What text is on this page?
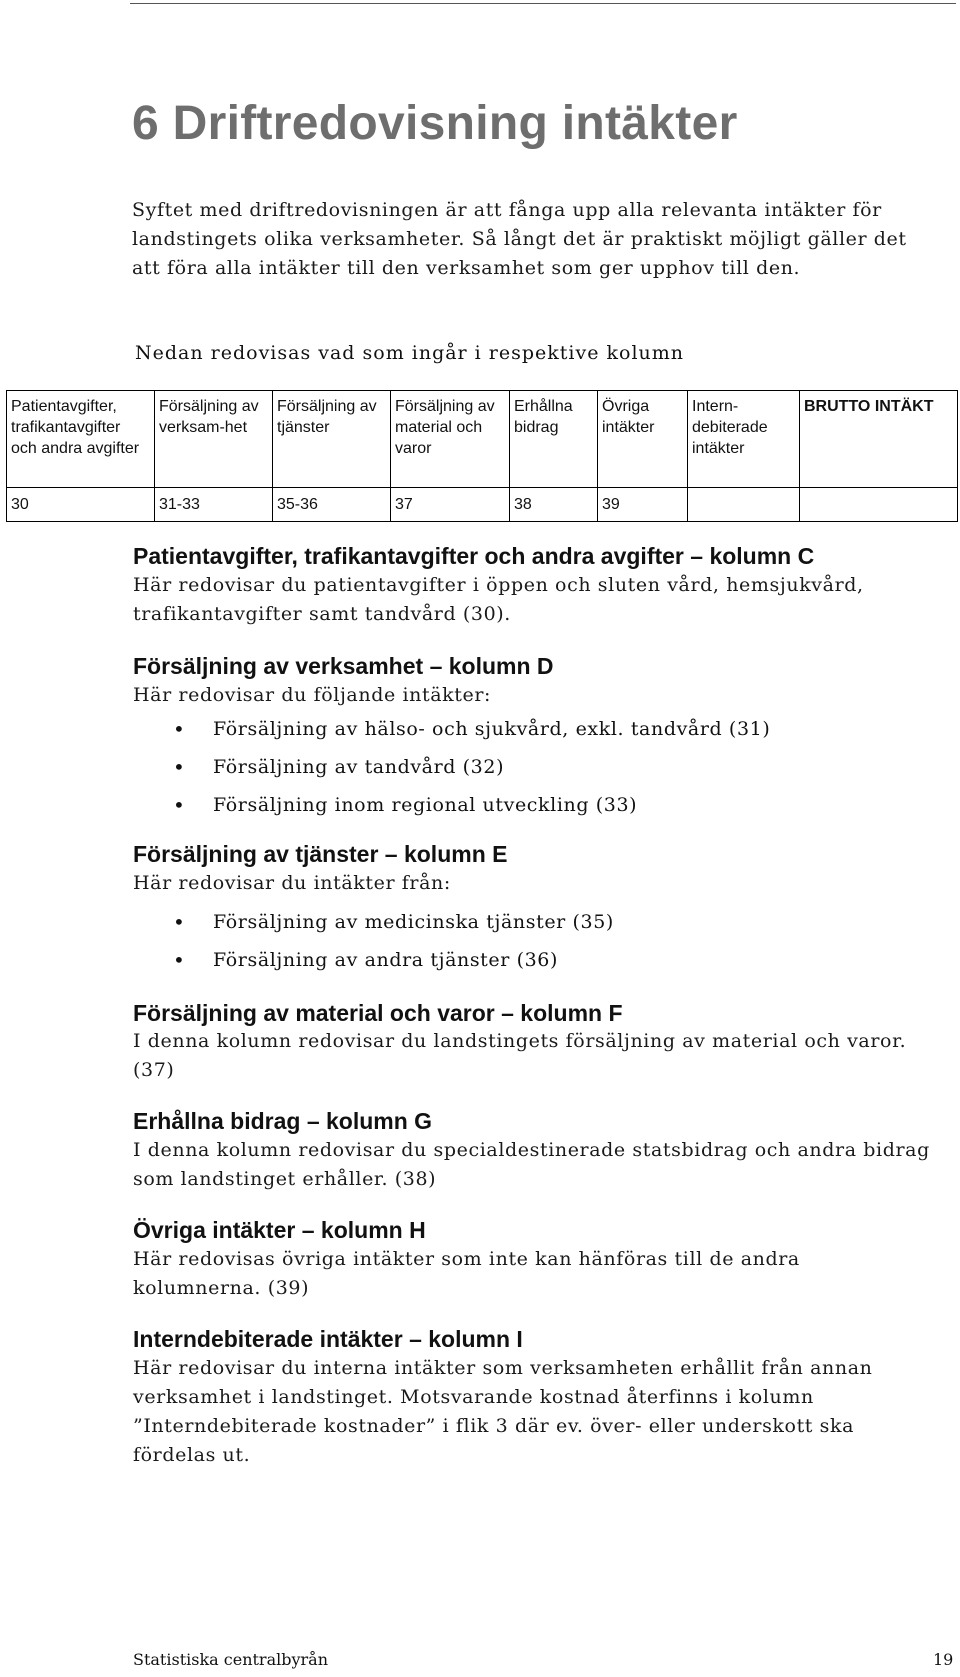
6 Driftredovisning intäkter

Syftet med driftredovisningen är att fånga upp alla relevanta intäkter för landstingets olika verksamheter. Så långt det är praktiskt möjligt gäller det att föra alla intäkter till den verksamhet som ger upphov till den.

Nedan redovisas vad som ingår i respektive kolumn

Patientavgifter, trafikantavgifter och andra avgifter	Försäljning av verksam-het	Försäljning av tjänster	Försäljning av material och varor	Erhållna bidrag	Övriga intäkter	Intern-debiterade intäkter	BRUTTO INTÄKT
30	31-33	35-36	37	38	39		

Patientavgifter, trafikantavgifter och andra avgifter – kolumn C

Här redovisar du patientavgifter i öppen och sluten vård, hemsjukvård, trafikantavgifter samt tandvård (30).

Försäljning av verksamhet – kolumn D

Här redovisar du följande intäkter:

• Försäljning av hälso- och sjukvård, exkl. tandvård (31)
• Försäljning av tandvård (32)
• Försäljning inom regional utveckling (33)

Försäljning av tjänster – kolumn E

Här redovisar du intäkter från:

• Försäljning av medicinska tjänster (35)
• Försäljning av andra tjänster (36)

Försäljning av material och varor – kolumn F

I denna kolumn redovisar du landstingets försäljning av material och varor. (37)

Erhållna bidrag – kolumn G

I denna kolumn redovisar du specialdestinerade statsbidrag och andra bidrag som landstinget erhåller. (38)

Övriga intäkter – kolumn H

Här redovisas övriga intäkter som inte kan hänföras till de andra kolumnerna. (39)

Interndebiterade intäkter – kolumn I

Här redovisar du interna intäkter som verksamheten erhållit från annan verksamhet i landstinget. Motsvarande kostnad återfinns i kolumn ”Interndebiterade kostnader” i flik 3 där ev. över- eller underskott ska fördelas ut.

Statistiska centralbyrån	19
